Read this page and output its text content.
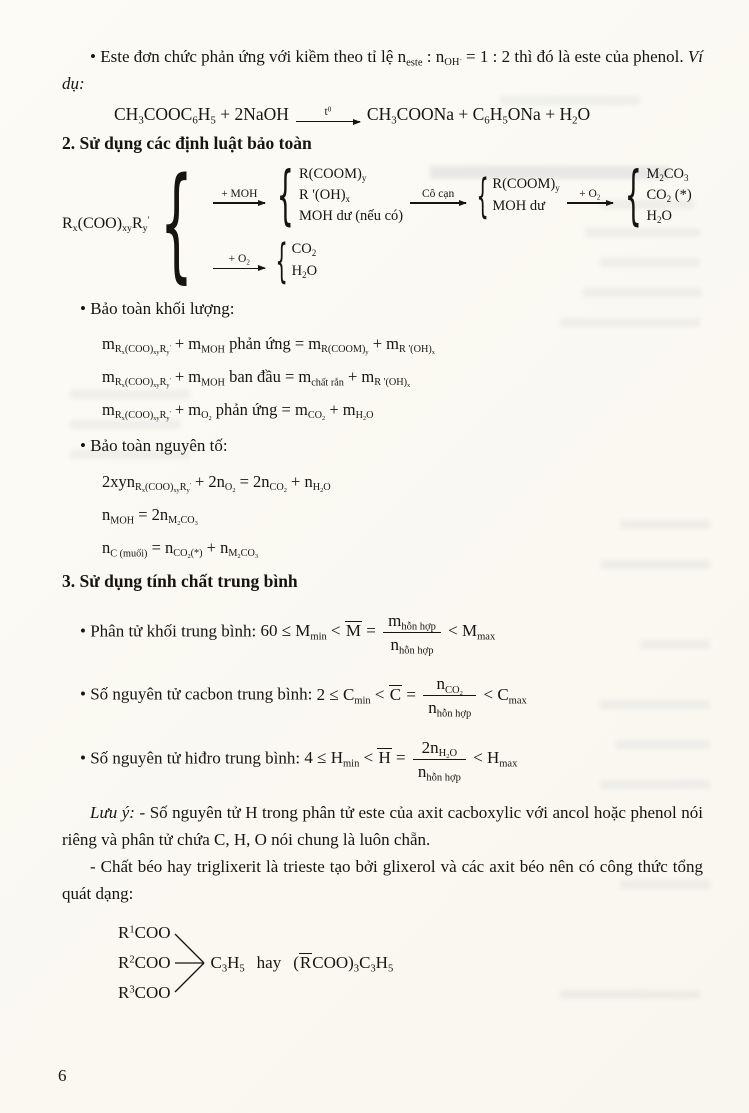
• Este đơn chức phản ứng với kiềm theo tỉ lệ $n_{este}$ : $n_{OH^-} = 1$ : 2 thì đó là este của phenol. Ví dụ:

$CH_3COOC_6H_5$ + 2NaOH	$t^0$ $CH_3COONa + C_6H_5ONa + H_2O$
2. Sử dụng các định luật bảo toàn
$R_x(COO)_{xy}R_y'$ { + MOH { $R(COOM)_y$
R '$(OH)_x$
MOH dư (nếu có)
Cô cạn { $R(COOM)_y$
MOH dư
+ $O_2$ { $M_2CO_3$
$CO_2$ (*)
$H_2O$
+ $O_2$ { $CO_2$
$H_2O$

• Bảo toàn khối lượng:

$m_{R_x(COO)_{xy}R_y'} + m_{MOH}$ phản ứng = $m_{R(COOM)_y} + m_{R '(OH)_x}$

$m_{R_x(COO)_{xy}R_y'} + m_{MOH}$ ban đầu = $m_{chất rắn} + m_{R '(OH)_x}$

$m_{R_x(COO)_{xy}R_y'} + m_{O_2}$ phản ứng = $m_{CO_2} + m_{H_2O}$

• Bảo toàn nguyên tố:

$2xyn_{R_x(COO)_{xy}R_y'} + 2n_{O_2} = 2n_{CO_2} + n_{H_2O}$

$n_{MOH} = 2n_{M_2CO_3}$

$n_{C (muối)} = n_{CO_2(*)} + n_{M_2CO_3}$

3. Sử dụng tính chất trung bình

• Phân tử khối trung bình: $60 \le M_{min} < M = \frac{m_{hỗn hợp}}{n_{hỗn hợp}} < M_{max}$

• Số nguyên tử cacbon trung bình: $2 \le C_{min} < C = \frac{n_{CO_2}}{n_{hỗn hợp}} < C_{max}$

• Số nguyên tử hiđro trung bình: $4 \le H_{min} < H = \frac{2n_{H_2O}}{n_{hỗn hợp}} < H_{max}$

Lưu ý: - Số nguyên tử H trong phân tử este của axit cacboxylic với ancol hoặc phenol nói riêng và phân tử chứa C, H, O nói chung là luôn chẵn.

- Chất béo hay triglixerit là trieste tạo bởi glixerol và các axit béo nên có công thức tổng quát dạng:

$R^1COO$
$R^2COO$
$R^3COO$
$C_3H_5$ hay $(RCOO)_3C_3H_5$
6
